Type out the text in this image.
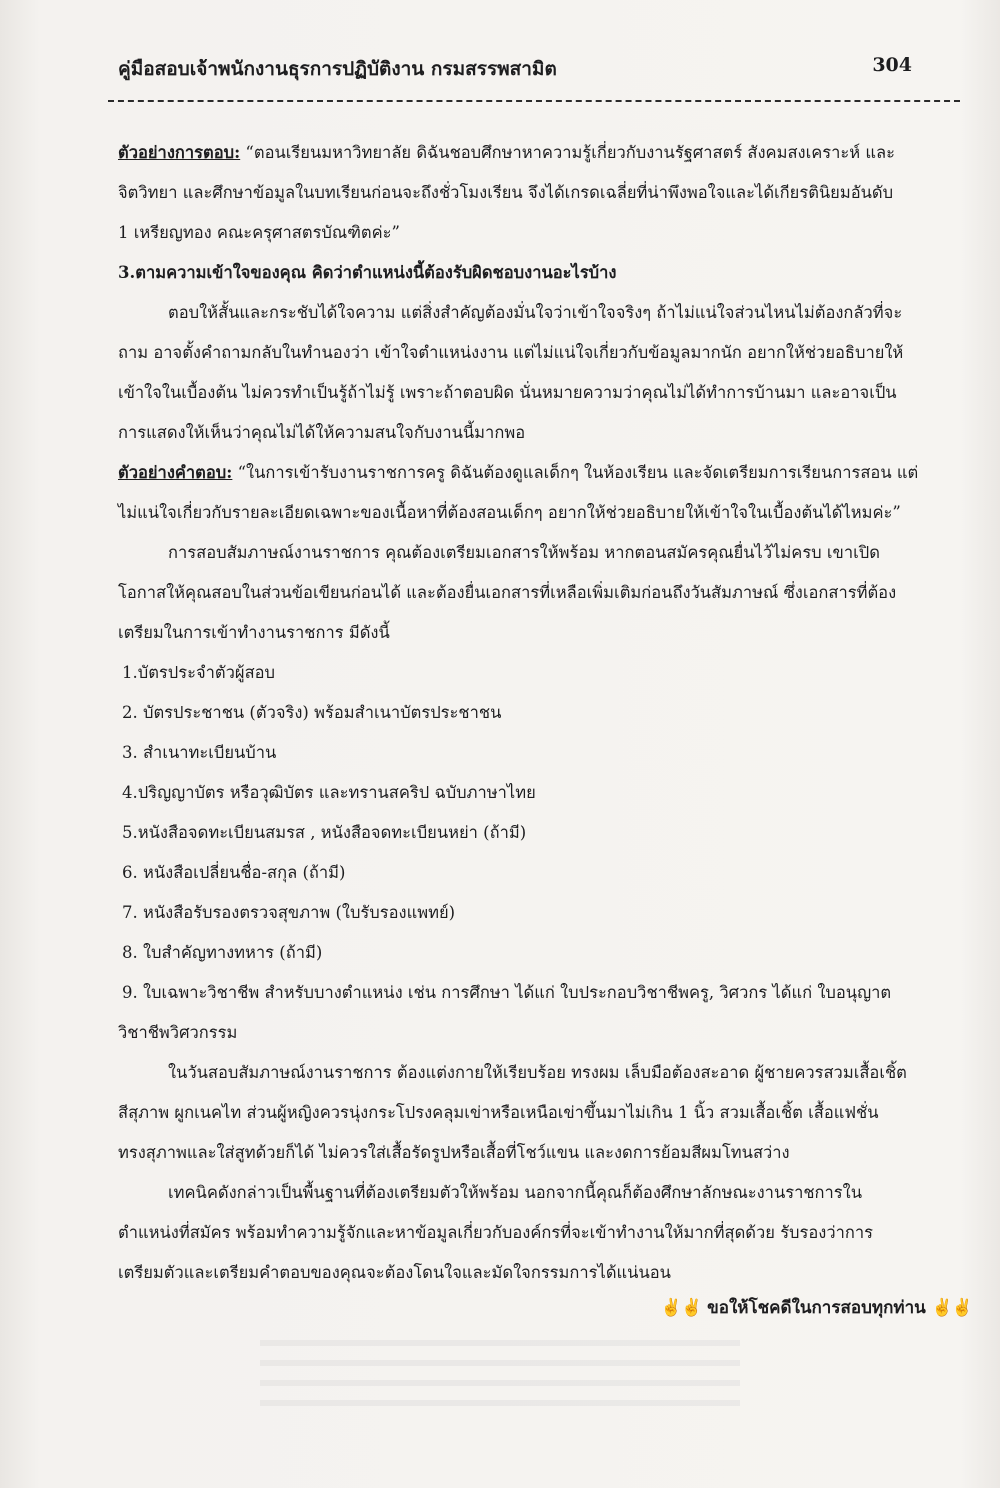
คู่มือสอบเจ้าพนักงานธุรการปฏิบัติงาน กรมสรรพสามิต	304

ตัวอย่างการตอบ: “ตอนเรียนมหาวิทยาลัย ดิฉันชอบศึกษาหาความรู้เกี่ยวกับงานรัฐศาสตร์ สังคมสงเคราะห์ และ

จิตวิทยา และศึกษาข้อมูลในบทเรียนก่อนจะถึงชั่วโมงเรียน จึงได้เกรดเฉลี่ยที่น่าพึงพอใจและได้เกียรตินิยมอันดับ

1 เหรียญทอง คณะครุศาสตรบัณฑิตค่ะ”

3.ตามความเข้าใจของคุณ คิดว่าตำแหน่งนี้ต้องรับผิดชอบงานอะไรบ้าง

ตอบให้สั้นและกระชับได้ใจความ แต่สิ่งสำคัญต้องมั่นใจว่าเข้าใจจริงๆ ถ้าไม่แน่ใจส่วนไหนไม่ต้องกลัวที่จะ

ถาม อาจตั้งคำถามกลับในทำนองว่า เข้าใจตำแหน่งงาน แต่ไม่แน่ใจเกี่ยวกับข้อมูลมากนัก อยากให้ช่วยอธิบายให้

เข้าใจในเบื้องต้น ไม่ควรทำเป็นรู้ถ้าไม่รู้ เพราะถ้าตอบผิด นั่นหมายความว่าคุณไม่ได้ทำการบ้านมา และอาจเป็น

การแสดงให้เห็นว่าคุณไม่ได้ให้ความสนใจกับงานนี้มากพอ

ตัวอย่างคำตอบ: “ในการเข้ารับงานราชการครู ดิฉันต้องดูแลเด็กๆ ในห้องเรียน และจัดเตรียมการเรียนการสอน แต่

ไม่แน่ใจเกี่ยวกับรายละเอียดเฉพาะของเนื้อหาที่ต้องสอนเด็กๆ อยากให้ช่วยอธิบายให้เข้าใจในเบื้องต้นได้ไหมค่ะ”

การสอบสัมภาษณ์งานราชการ คุณต้องเตรียมเอกสารให้พร้อม หากตอนสมัครคุณยื่นไว้ไม่ครบ เขาเปิด

โอกาสให้คุณสอบในส่วนข้อเขียนก่อนได้ และต้องยื่นเอกสารที่เหลือเพิ่มเติมก่อนถึงวันสัมภาษณ์ ซึ่งเอกสารที่ต้อง

เตรียมในการเข้าทำงานราชการ มีดังนี้

1.บัตรประจำตัวผู้สอบ

2. บัตรประชาชน (ตัวจริง) พร้อมสำเนาบัตรประชาชน

3. สำเนาทะเบียนบ้าน

4.ปริญญาบัตร หรือวุฒิบัตร และทรานสคริป ฉบับภาษาไทย

5.หนังสือจดทะเบียนสมรส , หนังสือจดทะเบียนหย่า (ถ้ามี)

6. หนังสือเปลี่ยนชื่อ-สกุล (ถ้ามี)

7. หนังสือรับรองตรวจสุขภาพ (ใบรับรองแพทย์)

8. ใบสำคัญทางทหาร (ถ้ามี)

9. ใบเฉพาะวิชาชีพ สำหรับบางตำแหน่ง เช่น การศึกษา ได้แก่ ใบประกอบวิชาชีพครู, วิศวกร ได้แก่ ใบอนุญาต

วิชาชีพวิศวกรรม

ในวันสอบสัมภาษณ์งานราชการ ต้องแต่งกายให้เรียบร้อย ทรงผม เล็บมือต้องสะอาด ผู้ชายควรสวมเสื้อเชิ้ต

สีสุภาพ ผูกเนคไท ส่วนผู้หญิงควรนุ่งกระโปรงคลุมเข่าหรือเหนือเข่าขึ้นมาไม่เกิน 1 นิ้ว สวมเสื้อเชิ้ต เสื้อแฟชั่น

ทรงสุภาพและใส่สูทด้วยก็ได้ ไม่ควรใส่เสื้อรัดรูปหรือเสื้อที่โชว์แขน และงดการย้อมสีผมโทนสว่าง

เทคนิคดังกล่าวเป็นพื้นฐานที่ต้องเตรียมตัวให้พร้อม นอกจากนี้คุณก็ต้องศึกษาลักษณะงานราชการใน

ตำแหน่งที่สมัคร พร้อมทำความรู้จักและหาข้อมูลเกี่ยวกับองค์กรที่จะเข้าทำงานให้มากที่สุดด้วย รับรองว่าการ

เตรียมตัวและเตรียมคำตอบของคุณจะต้องโดนใจและมัดใจกรรมการได้แน่นอน

✌✌ ขอให้โชคดีในการสอบทุกท่าน ✌✌
